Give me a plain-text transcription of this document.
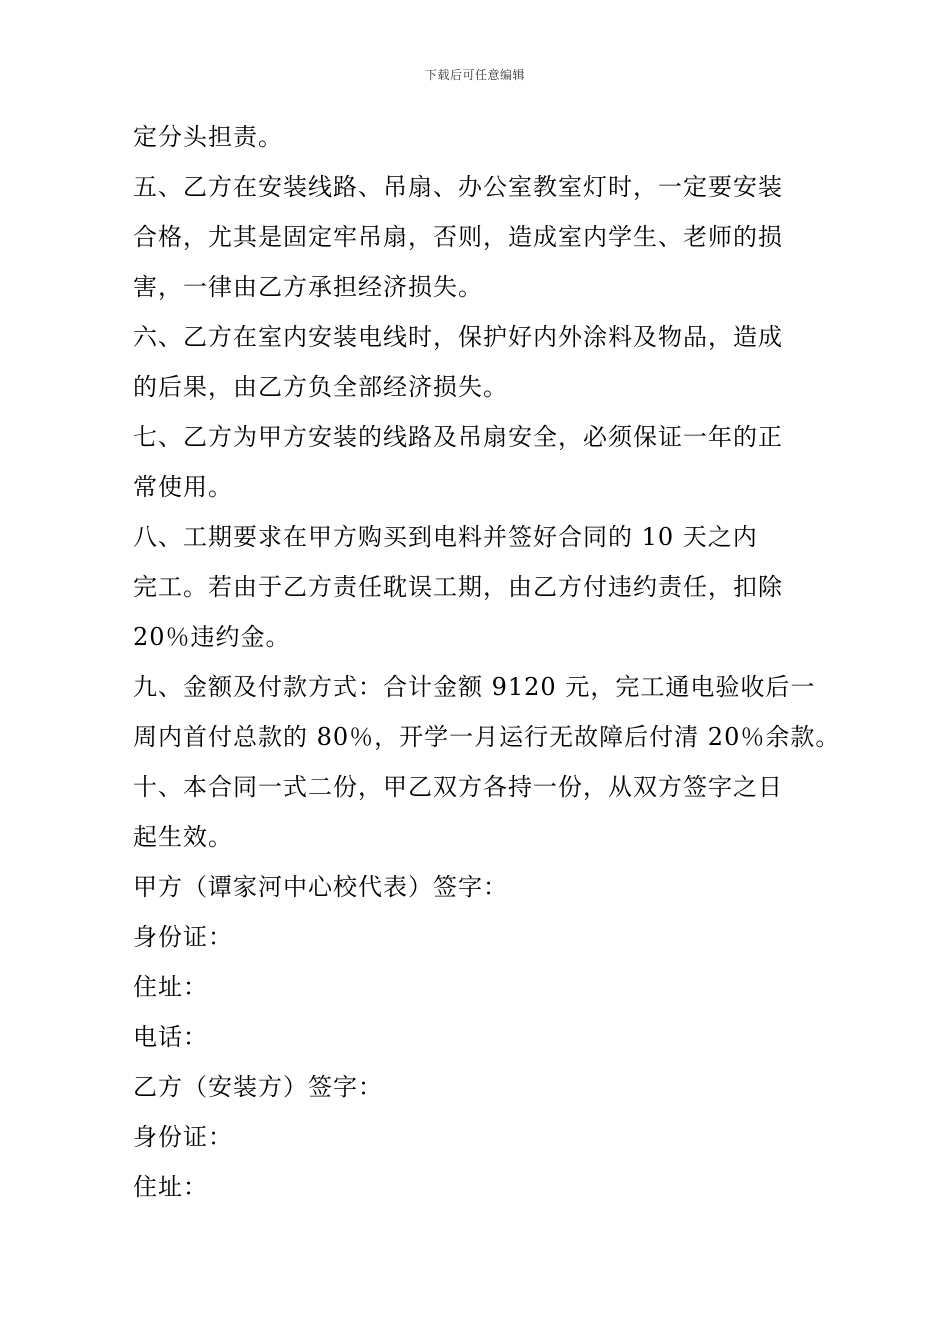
下载后可任意编辑
定分头担责。
五、乙方在安装线路、吊扇、办公室教室灯时，一定要安装
合格，尤其是固定牢吊扇，否则，造成室内学生、老师的损
害，一律由乙方承担经济损失。
六、乙方在室内安装电线时，保护好内外涂料及物品，造成
的后果，由乙方负全部经济损失。
七、乙方为甲方安装的线路及吊扇安全，必须保证一年的正
常使用。
八、工期要求在甲方购买到电料并签好合同的 10 天之内
完工。若由于乙方责任耽误工期，由乙方付违约责任，扣除
20％违约金。
九、金额及付款方式：合计金额 9120 元，完工通电验收后一
周内首付总款的 80％，开学一月运行无故障后付清 20％余款。
十、本合同一式二份，甲乙双方各持一份，从双方签字之日
起生效。
甲方（谭家河中心校代表）签字：
身份证：
住址：
电话：
乙方（安装方）签字：
身份证：
住址：
